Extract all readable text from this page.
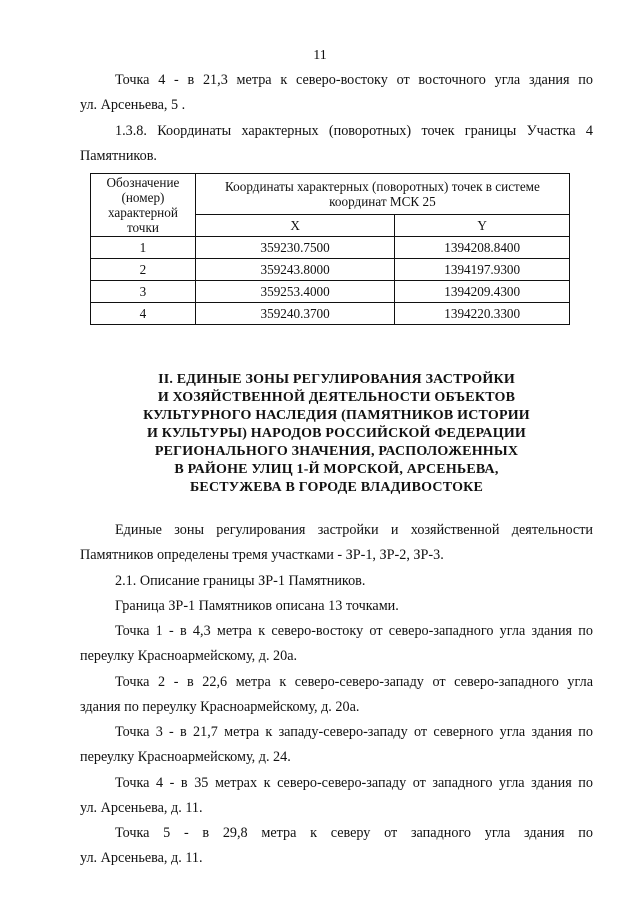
11
Точка 4 - в 21,3 метра к северо-востоку от восточного угла здания по
ул. Арсеньева, 5 .
1.3.8. Координаты характерных (поворотных) точек границы Участка 4
Памятников.
Обозначение (номер) характерной точки	Координаты характерных (поворотных) точек в системе координат МСК 25	
	X	Y
1	359230.7500	1394208.8400
2	359243.8000	1394197.9300
3	359253.4000	1394209.4300
4	359240.3700	1394220.3300
II. ЕДИНЫЕ ЗОНЫ РЕГУЛИРОВАНИЯ ЗАСТРОЙКИ
И ХОЗЯЙСТВЕННОЙ ДЕЯТЕЛЬНОСТИ ОБЪЕКТОВ
КУЛЬТУРНОГО НАСЛЕДИЯ (ПАМЯТНИКОВ ИСТОРИИ
И КУЛЬТУРЫ) НАРОДОВ РОССИЙСКОЙ ФЕДЕРАЦИИ
РЕГИОНАЛЬНОГО ЗНАЧЕНИЯ, РАСПОЛОЖЕННЫХ
В РАЙОНЕ УЛИЦ 1-Й МОРСКОЙ, АРСЕНЬЕВА,
БЕСТУЖЕВА В ГОРОДЕ ВЛАДИВОСТОКЕ
Единые зоны регулирования застройки и хозяйственной деятельности
Памятников определены тремя участками - ЗР-1, ЗР-2, ЗР-3.
2.1. Описание границы ЗР-1 Памятников.
Граница ЗР-1 Памятников описана 13 точками.
Точка 1 - в 4,3 метра к северо-востоку от северо-западного угла здания по
переулку Красноармейскому, д. 20а.
Точка 2 - в 22,6 метра к северо-северо-западу от северо-западного угла
здания по переулку Красноармейскому, д. 20а.
Точка 3 - в 21,7 метра к западу-северо-западу от северного угла здания по
переулку Красноармейскому, д. 24.
Точка 4 - в 35 метрах к северо-северо-западу от западного угла здания по
ул. Арсеньева, д. 11.
Точка 5 - в 29,8 метра к северу от западного угла здания по
ул. Арсеньева, д. 11.
